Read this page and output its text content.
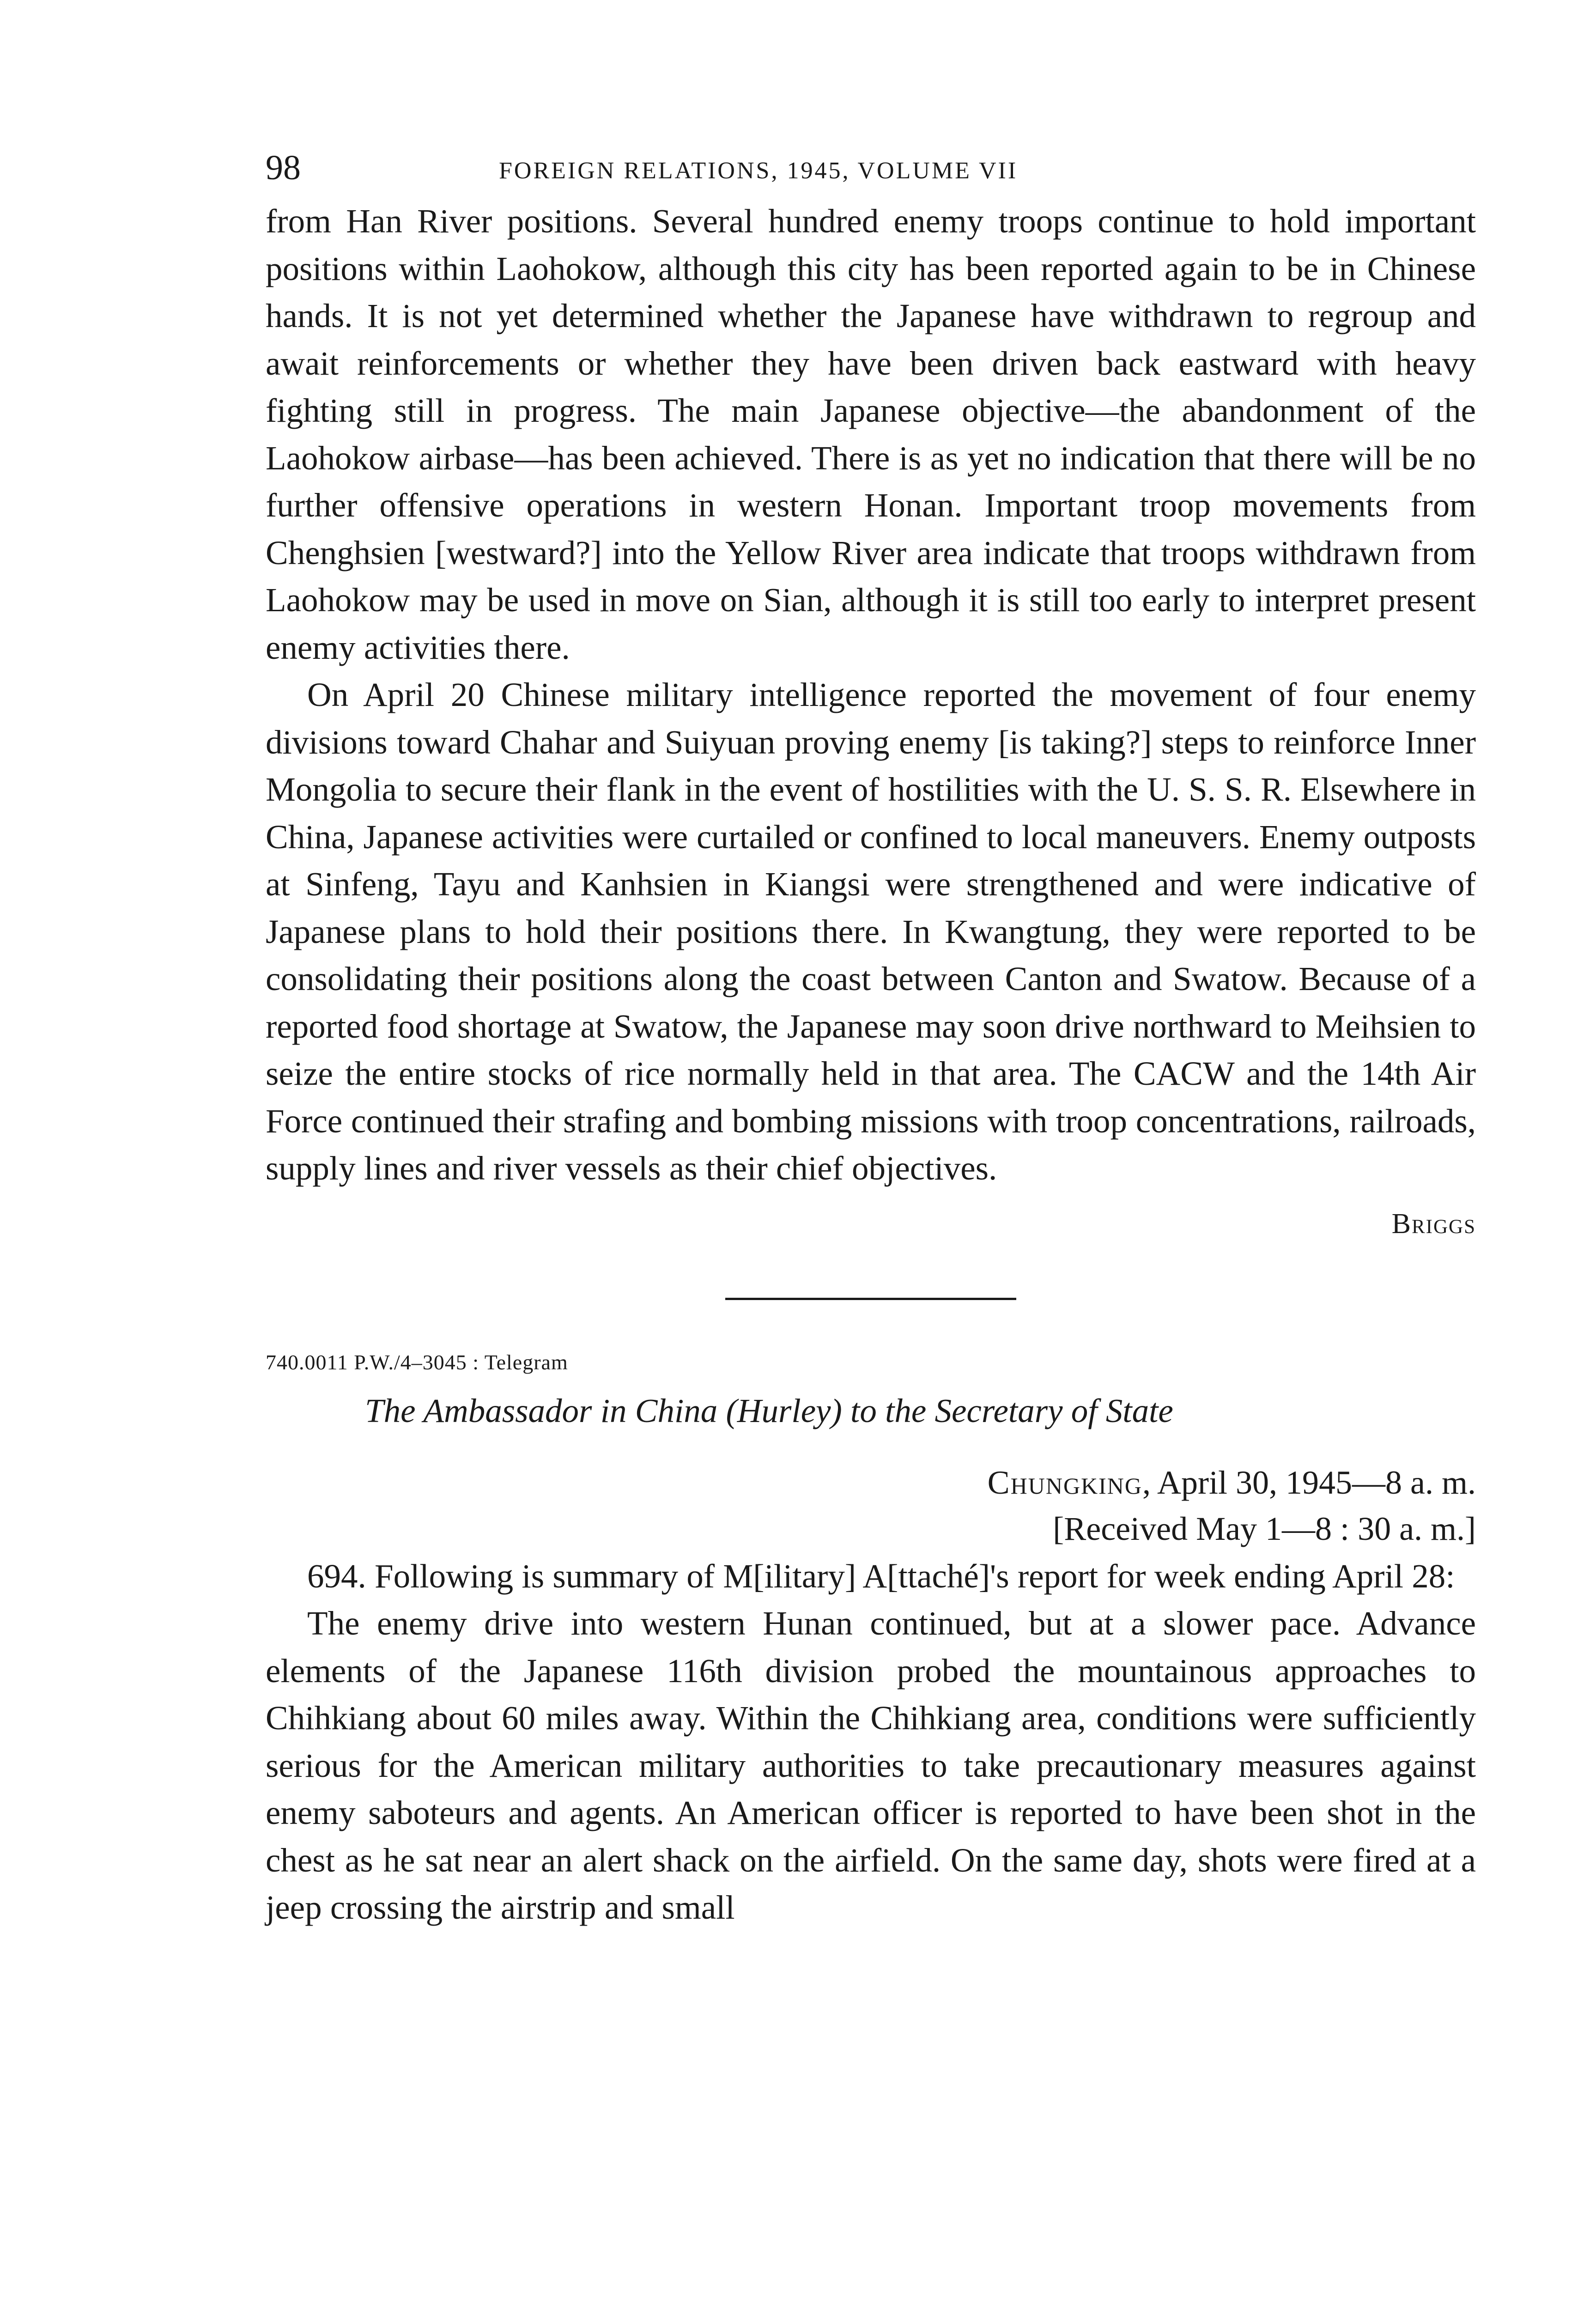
98	FOREIGN RELATIONS, 1945, VOLUME VII

from Han River positions. Several hundred enemy troops continue to hold important positions within Laohokow, although this city has been reported again to be in Chinese hands. It is not yet determined whether the Japanese have withdrawn to regroup and await reinforcements or whether they have been driven back eastward with heavy fighting still in progress. The main Japanese objective—the abandonment of the Laohokow airbase—has been achieved. There is as yet no indication that there will be no further offensive operations in western Honan. Important troop movements from Chenghsien [westward?] into the Yellow River area indicate that troops withdrawn from Laohokow may be used in move on Sian, although it is still too early to interpret present enemy activities there.

On April 20 Chinese military intelligence reported the movement of four enemy divisions toward Chahar and Suiyuan proving enemy [is taking?] steps to reinforce Inner Mongolia to secure their flank in the event of hostilities with the U. S. S. R. Elsewhere in China, Japanese activities were curtailed or confined to local maneuvers. Enemy outposts at Sinfeng, Tayu and Kanhsien in Kiangsi were strengthened and were indicative of Japanese plans to hold their positions there. In Kwangtung, they were reported to be consolidating their positions along the coast between Canton and Swatow. Because of a reported food shortage at Swatow, the Japanese may soon drive northward to Meihsien to seize the entire stocks of rice normally held in that area. The CACW and the 14th Air Force continued their strafing and bombing missions with troop concentrations, railroads, supply lines and river vessels as their chief objectives.

Briggs
740.0011 P.W./4–3045 : Telegram
The Ambassador in China (Hurley) to the Secretary of State
Chungking, April 30, 1945—8 a. m.
[Received May 1—8 : 30 a. m.]

694. Following is summary of M[ilitary] A[ttaché]'s report for week ending April 28:

The enemy drive into western Hunan continued, but at a slower pace. Advance elements of the Japanese 116th division probed the mountainous approaches to Chihkiang about 60 miles away. Within the Chihkiang area, conditions were sufficiently serious for the American military authorities to take precautionary measures against enemy saboteurs and agents. An American officer is reported to have been shot in the chest as he sat near an alert shack on the airfield. On the same day, shots were fired at a jeep crossing the airstrip and small
